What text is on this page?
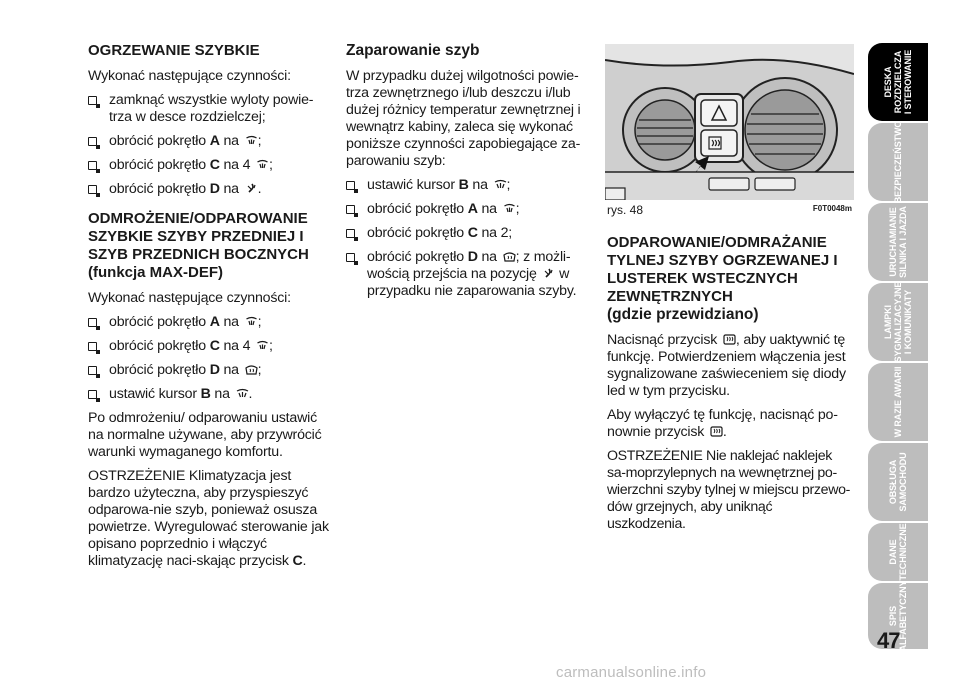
OGRZEWANIE SZYBKIE

Wykonać następujące czynności:

zamknąć wszystkie wyloty powie-trza w desce rozdzielczej;
obrócić pokrętło A na
;
obrócić pokrętło C na 4
;
obrócić pokrętło D na
.
ODMROŻENIE/ODPAROWANIE SZYBKIE SZYBY PRZEDNIEJ I SZYB PRZEDNICH BOCZNYCH (funkcja MAX-DEF)

Wykonać następujące czynności:

obrócić pokrętło A na
;
obrócić pokrętło C na 4
;
obrócić pokrętło D na
;
ustawić kursor B na
.

Po odmrożeniu/ odparowaniu ustawić na normalne używane, aby przywrócić warunki wymaganego komfortu.

OSTRZEŻENIE Klimatyzacja jest bardzo użyteczna, aby przyspieszyć odparowa-nie szyb, ponieważ osusza powietrze. Wyregulować sterowanie jak opisano poprzednio i włączyć klimatyzację naci-skając przycisk C.

Zaparowanie szyb

W przypadku dużej wilgotności powie-trza zewnętrznego i/lub deszczu i/lub dużej różnicy temperatur zewnętrznej i wewnątrz kabiny, zaleca się wykonać poniższe czynności zapobiegające za-parowaniu szyb:

ustawić kursor B na
;
obrócić pokrętło A na
;
obrócić pokrętło C na 2;
obrócić pokrętło D na
; z możli-wością przejścia na pozycję
w przypadku nie zaparowania szyby.
rys. 48	F0T0048m
ODPAROWANIE/ODMRAŻANIE TYLNEJ SZYBY OGRZEWANEJ I LUSTEREK WSTECZNYCH ZEWNĘTRZNYCH
(gdzie przewidziano)

Nacisnąć przycisk
, aby uaktywnić tę funkcję. Potwierdzeniem włączenia jest sygnalizowane zaświeceniem się diody led w tym przycisku.

Aby wyłączyć tę funkcję, nacisnąć po-nownie przycisk
.

OSTRZEŻENIE Nie naklejać naklejek sa-moprzylepnych na wewnętrznej po-wierzchni szyby tylnej w miejscu przewo-dów grzejnych, aby uniknąć uszkodzenia.

DESKA
ROZDZIELCZA
I STEROWANIE
BEZPIECZEŃSTWO
URUCHAMIANIE
SILNIKA I JAZDA
LAMPKI
SYGNALIZACYJNE
I KOMUNIKATY
W RAZIE AWARII
OBSŁUGA
SAMOCHODU
DANE
TECHNICZNE
SPIS
ALFABETYCZNY
47
carmanualsonline.info
